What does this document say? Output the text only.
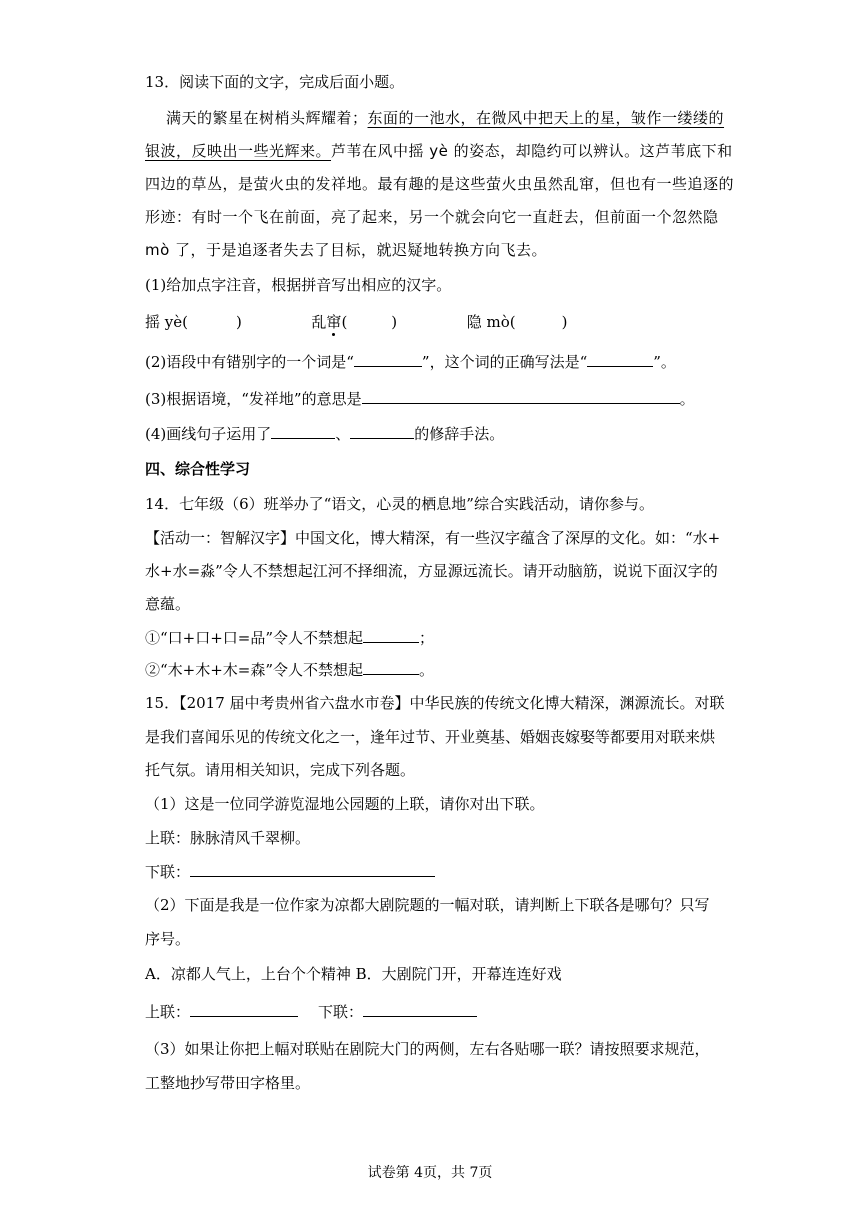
13．阅读下面的文字，完成后面小题。
满天的繁星在树梢头辉耀着；东面的一池水，在微风中把天上的星，皱作一缕缕的
银波，反映出一些光辉来。芦苇在风中摇 yè 的姿态，却隐约可以辨认。这芦苇底下和
四边的草丛，是萤火虫的发祥地。最有趣的是这些萤火虫虽然乱窜，但也有一些追逐的
形迹：有时一个飞在前面，亮了起来，另一个就会向它一直赶去，但前面一个忽然隐
mò 了，于是追逐者失去了目标，就迟疑地转换方向飞去。
(1)给加点字注音，根据拼音写出相应的汉字。
摇 yè(	)	乱窜(	)	隐 mò(	)
(2)语段中有错别字的一个词是“	”，这个词的正确写法是“	”。
(3)根据语境，“发祥地”的意思是	。
(4)画线句子运用了	、	的修辞手法。
四、综合性学习
14．七年级（6）班举办了“语文，心灵的栖息地”综合实践活动，请你参与。
【活动一：智解汉字】中国文化，博大精深，有一些汉字蕴含了深厚的文化。如：“水+
水+水=淼”令人不禁想起江河不择细流，方显源远流长。请开动脑筋，说说下面汉字的
意蕴。
①“口+口+口=品”令人不禁想起	；
②“木+木+木=森”令人不禁想起	。
15．【2017 届中考贵州省六盘水市卷】中华民族的传统文化博大精深，渊源流长。对联
是我们喜闻乐见的传统文化之一，逢年过节、开业奠基、婚姻丧嫁娶等都要用对联来烘
托气氛。请用相关知识，完成下列各题。
（1）这是一位同学游览湿地公园题的上联，请你对出下联。
上联：脉脉清风千翠柳。
下联：
（2）下面是我是一位作家为凉都大剧院题的一幅对联，请判断上下联各是哪句？只写
序号。
A．凉都人气上，上台个个精神 B．大剧院门开，开幕连连好戏
上联：	下联：
（3）如果让你把上幅对联贴在剧院大门的两侧，左右各贴哪一联？请按照要求规范，
工整地抄写带田字格里。
试卷第 4页，共 7页
